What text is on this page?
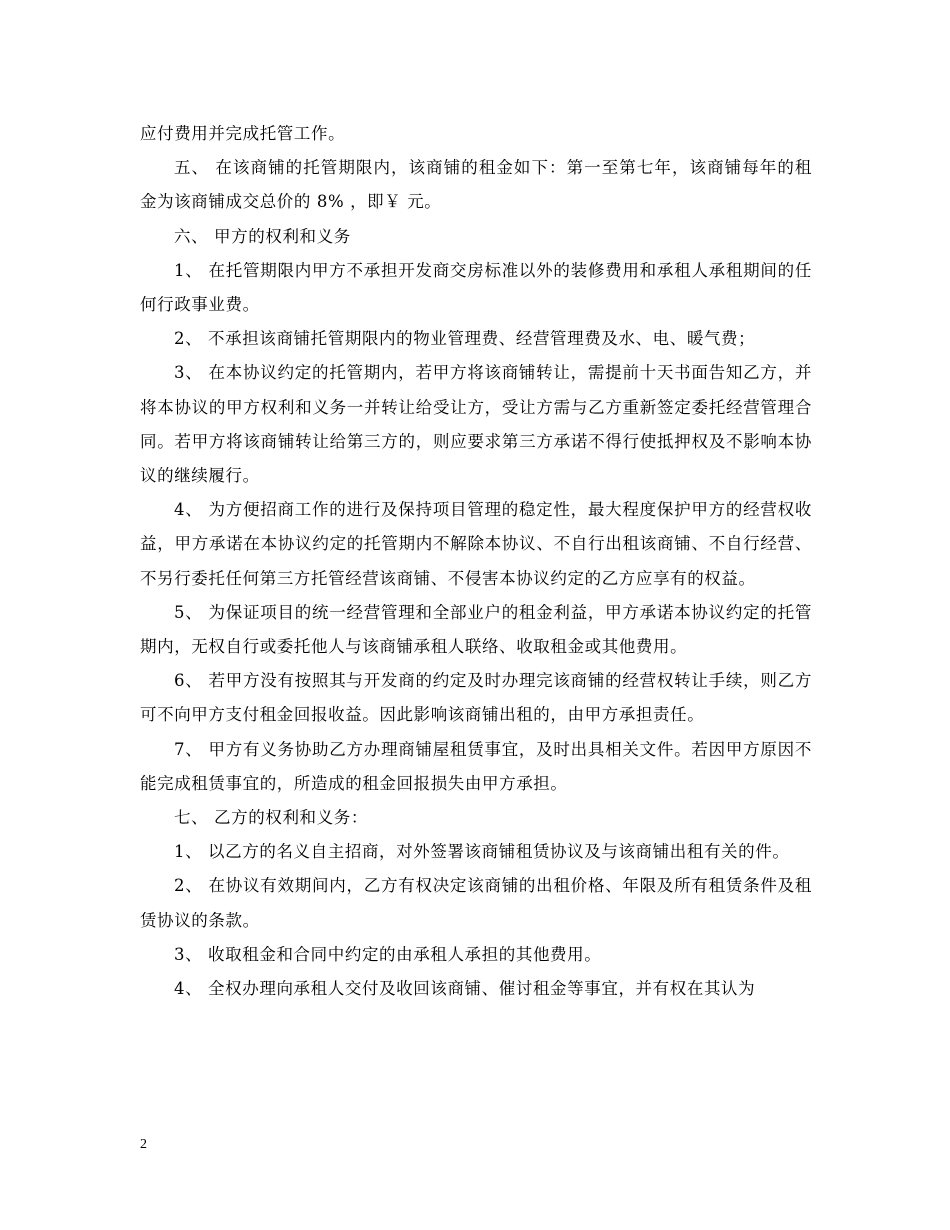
应付费用并完成托管工作。

五、 在该商铺的托管期限内，该商铺的租金如下：第一至第七年，该商铺每年的租金为该商铺成交总价的 8% ，即￥ 元。

六、 甲方的权利和义务

1、 在托管期限内甲方不承担开发商交房标准以外的装修费用和承租人承租期间的任何行政事业费。

2、 不承担该商铺托管期限内的物业管理费、经营管理费及水、电、暖气费；

3、 在本协议约定的托管期内，若甲方将该商铺转让，需提前十天书面告知乙方，并将本协议的甲方权利和义务一并转让给受让方，受让方需与乙方重新签定委托经营管理合同。若甲方将该商铺转让给第三方的，则应要求第三方承诺不得行使抵押权及不影响本协议的继续履行。

4、 为方便招商工作的进行及保持项目管理的稳定性，最大程度保护甲方的经营权收益，甲方承诺在本协议约定的托管期内不解除本协议、不自行出租该商铺、不自行经营、不另行委托任何第三方托管经营该商铺、不侵害本协议约定的乙方应享有的权益。

5、 为保证项目的统一经营管理和全部业户的租金利益，甲方承诺本协议约定的托管期内，无权自行或委托他人与该商铺承租人联络、收取租金或其他费用。

6、 若甲方没有按照其与开发商的约定及时办理完该商铺的经营权转让手续，则乙方可不向甲方支付租金回报收益。因此影响该商铺出租的，由甲方承担责任。

7、 甲方有义务协助乙方办理商铺屋租赁事宜，及时出具相关文件。若因甲方原因不能完成租赁事宜的，所造成的租金回报损失由甲方承担。

七、 乙方的权利和义务：

1、 以乙方的名义自主招商，对外签署该商铺租赁协议及与该商铺出租有关的件。

2、 在协议有效期间内，乙方有权决定该商铺的出租价格、年限及所有租赁条件及租赁协议的条款。

3、 收取租金和合同中约定的由承租人承担的其他费用。

4、 全权办理向承租人交付及收回该商铺、催讨租金等事宜，并有权在其认为

2
